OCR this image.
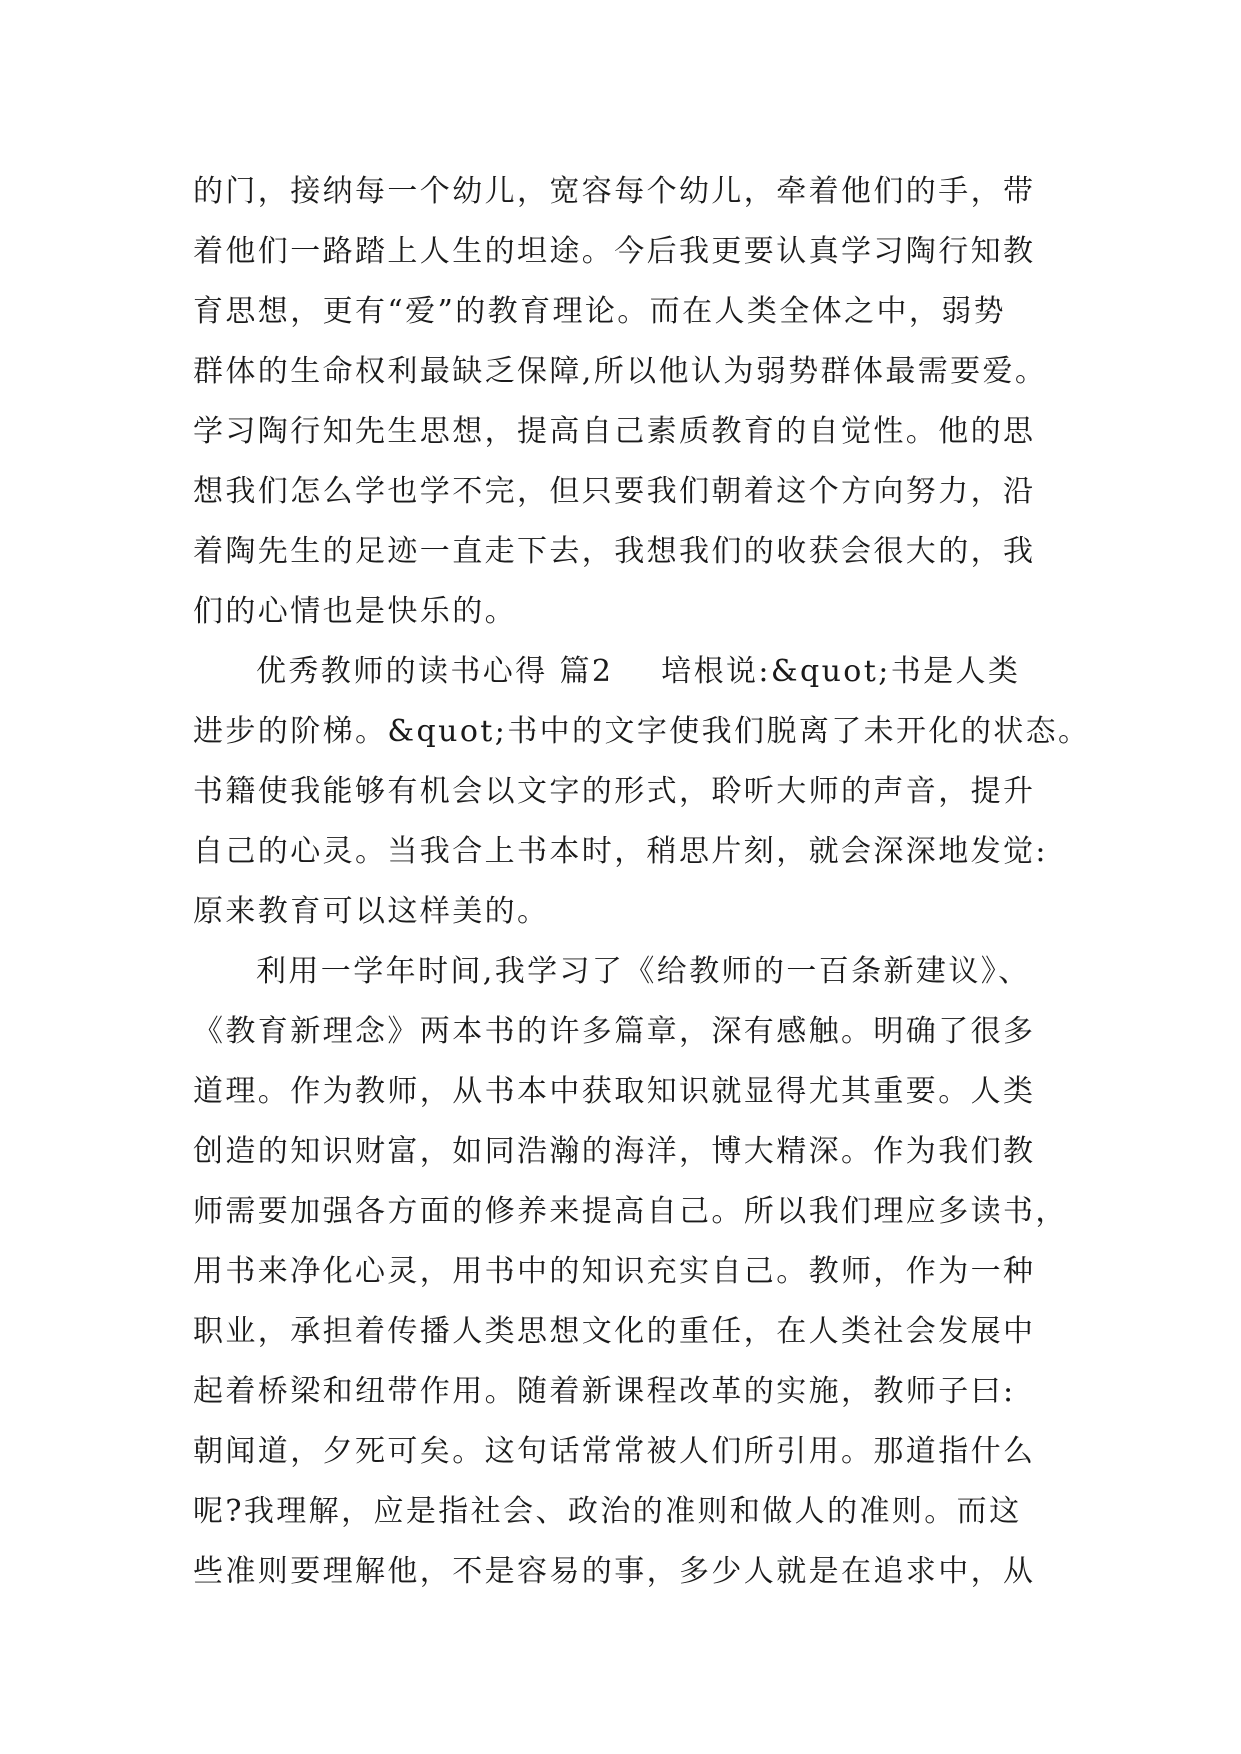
的门，接纳每一个幼儿，宽容每个幼儿，牵着他们的手，带
着他们一路踏上人生的坦途。今后我更要认真学习陶行知教
育思想，更有“爱”的教育理论。而在人类全体之中，弱势
群体的生命权利最缺乏保障,所以他认为弱势群体最需要爱。
学习陶行知先生思想，提高自己素质教育的自觉性。他的思
想我们怎么学也学不完，但只要我们朝着这个方向努力，沿
着陶先生的足迹一直走下去，我想我们的收获会很大的，我
们的心情也是快乐的。
优秀教师的读书心得 篇2    培根说:&quot;书是人类
进步的阶梯。&quot;书中的文字使我们脱离了未开化的状态。
书籍使我能够有机会以文字的形式，聆听大师的声音，提升
自己的心灵。当我合上书本时，稍思片刻，就会深深地发觉:
原来教育可以这样美的。
利用一学年时间,我学习了《给教师的一百条新建议》、
《教育新理念》两本书的许多篇章，深有感触。明确了很多
道理。作为教师，从书本中获取知识就显得尤其重要。人类
创造的知识财富，如同浩瀚的海洋，博大精深。作为我们教
师需要加强各方面的修养来提高自己。所以我们理应多读书，
用书来净化心灵，用书中的知识充实自己。教师，作为一种
职业，承担着传播人类思想文化的重任，在人类社会发展中
起着桥梁和纽带作用。随着新课程改革的实施，教师子曰:
朝闻道，夕死可矣。这句话常常被人们所引用。那道指什么
呢?我理解，应是指社会、政治的准则和做人的准则。而这
些准则要理解他，不是容易的事，多少人就是在追求中，从
